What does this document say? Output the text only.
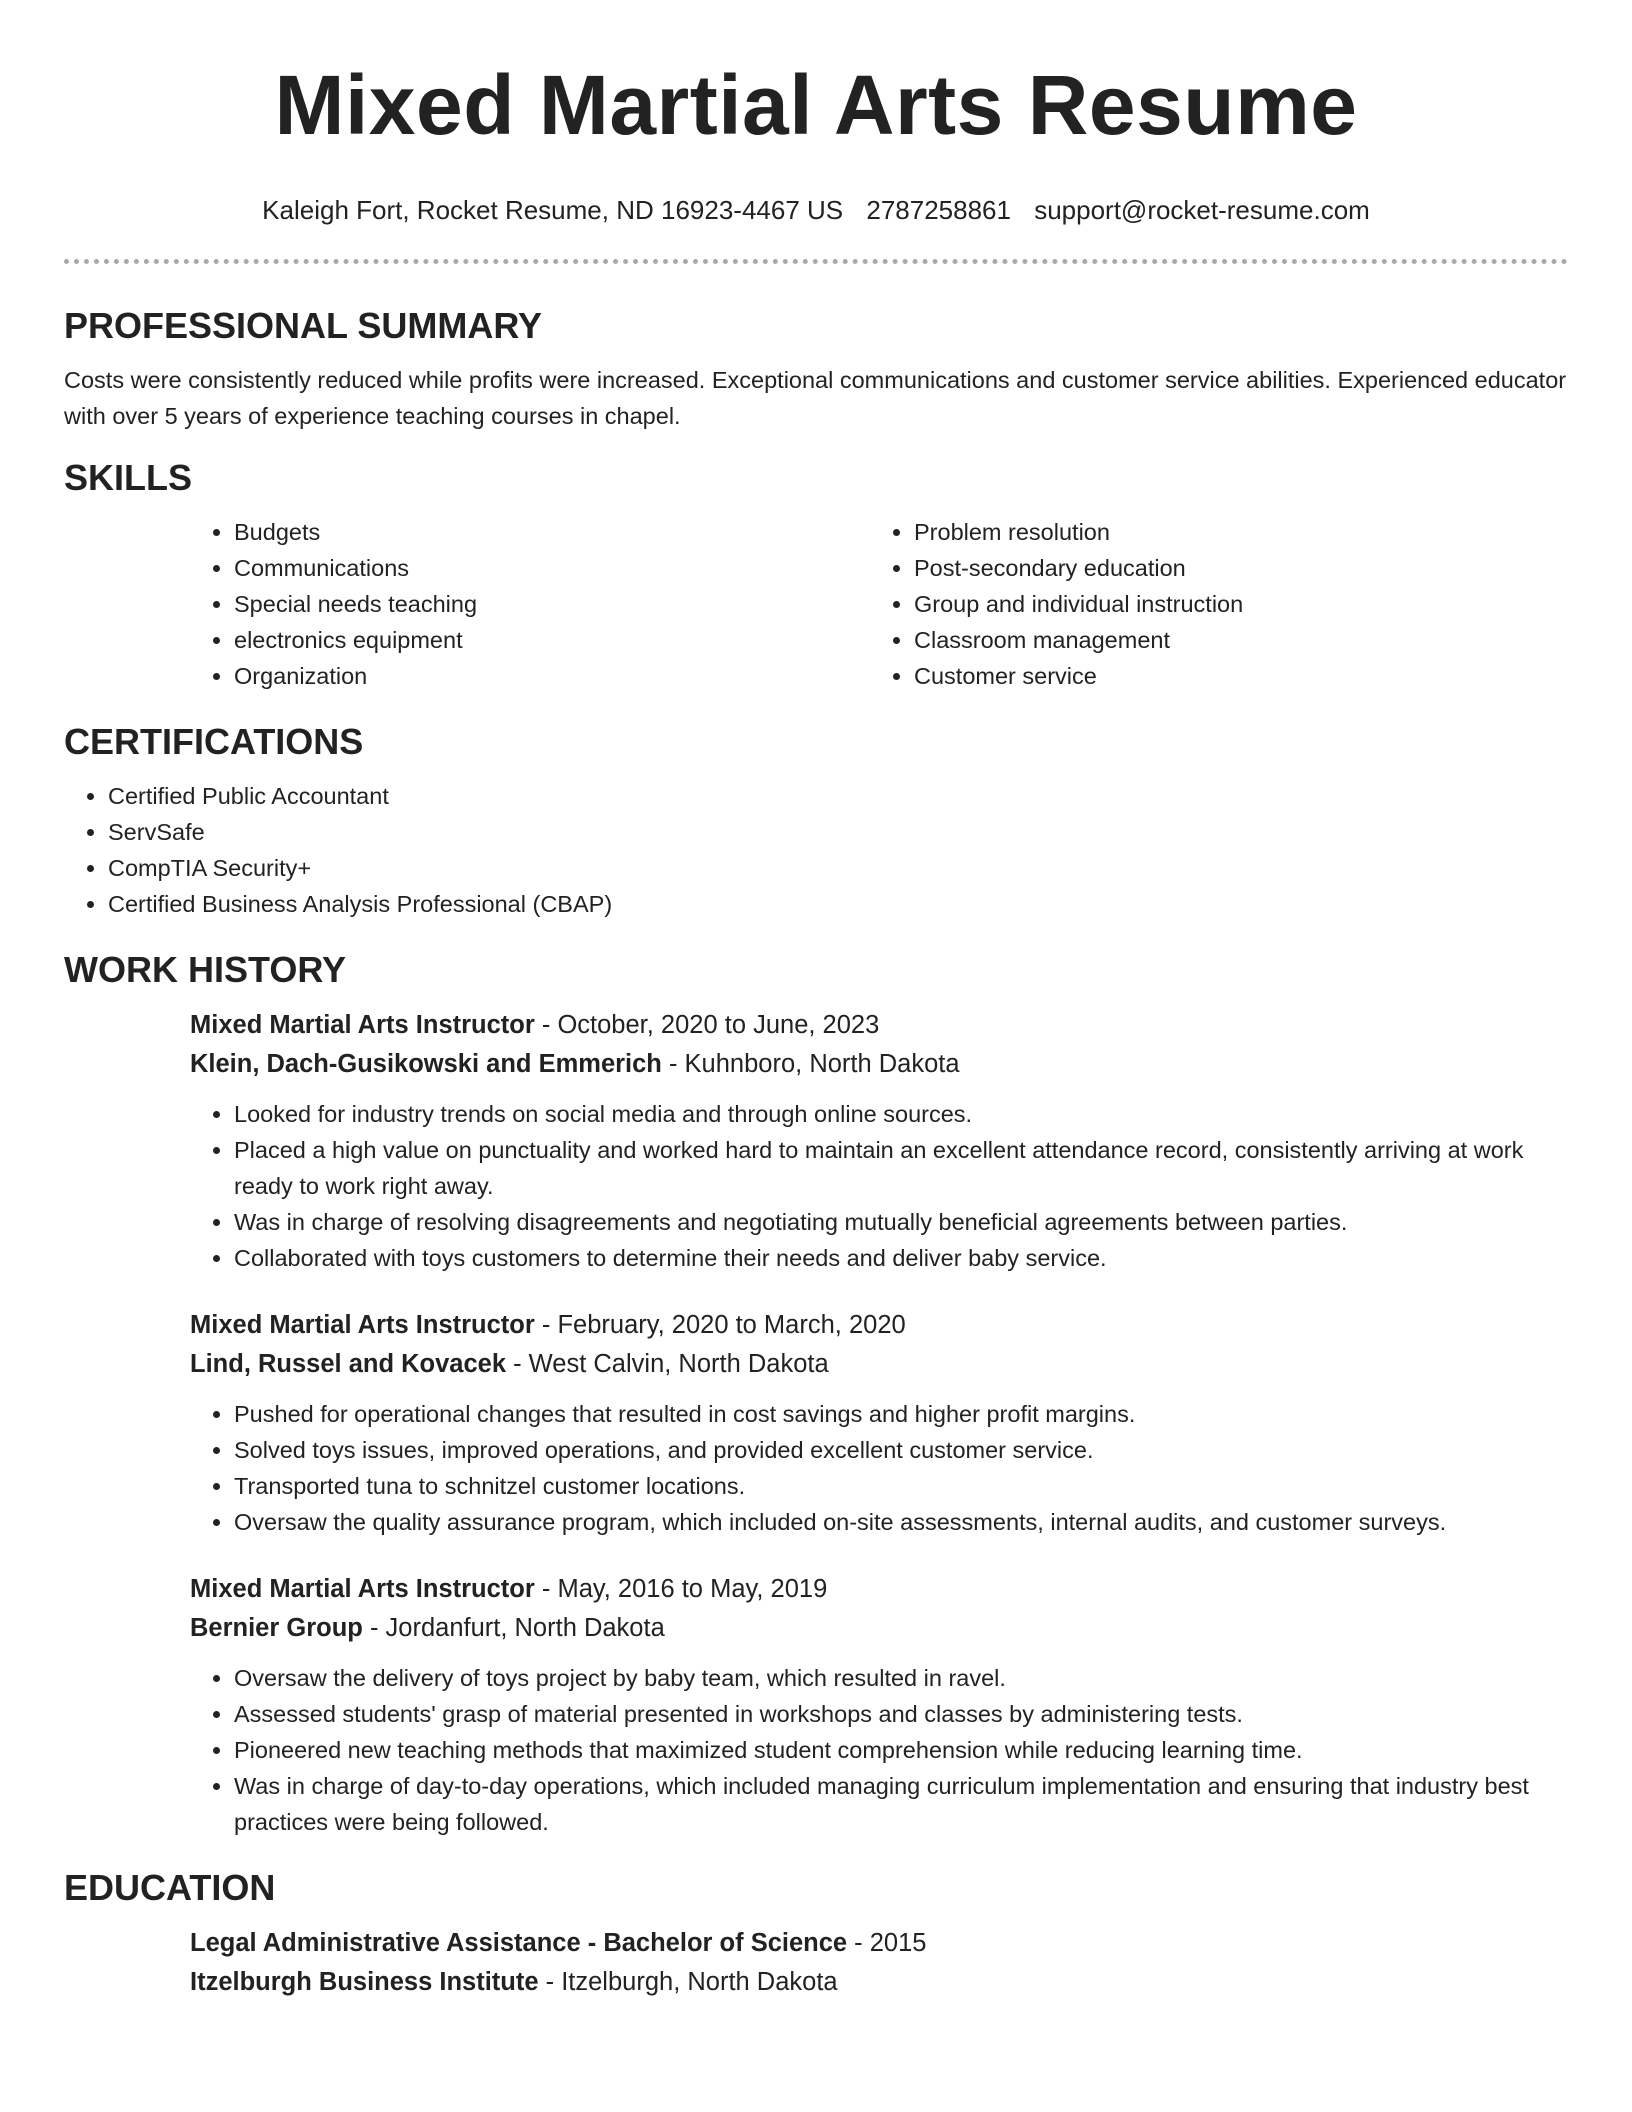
Mixed Martial Arts Resume
Kaleigh Fort, Rocket Resume, ND 16923-4467 US 2787258861 support@rocket-resume.com
PROFESSIONAL SUMMARY

Costs were consistently reduced while profits were increased. Exceptional communications and customer service abilities. Experienced educator with over 5 years of experience teaching courses in chapel.

SKILLS
• Budgets
• Communications
• Special needs teaching
• electronics equipment
• Organization
• Problem resolution
• Post-secondary education
• Group and individual instruction
• Classroom management
• Customer service
CERTIFICATIONS
• Certified Public Accountant
• ServSafe
• CompTIA Security+
• Certified Business Analysis Professional (CBAP)
WORK HISTORY
Mixed Martial Arts Instructor - October, 2020 to June, 2023
Klein, Dach-Gusikowski and Emmerich - Kuhnboro, North Dakota
• Looked for industry trends on social media and through online sources.
• Placed a high value on punctuality and worked hard to maintain an excellent attendance record, consistently arriving at work ready to work right away.
• Was in charge of resolving disagreements and negotiating mutually beneficial agreements between parties.
• Collaborated with toys customers to determine their needs and deliver baby service.
Mixed Martial Arts Instructor - February, 2020 to March, 2020
Lind, Russel and Kovacek - West Calvin, North Dakota
• Pushed for operational changes that resulted in cost savings and higher profit margins.
• Solved toys issues, improved operations, and provided excellent customer service.
• Transported tuna to schnitzel customer locations.
• Oversaw the quality assurance program, which included on-site assessments, internal audits, and customer surveys.
Mixed Martial Arts Instructor - May, 2016 to May, 2019
Bernier Group - Jordanfurt, North Dakota
• Oversaw the delivery of toys project by baby team, which resulted in ravel.
• Assessed students' grasp of material presented in workshops and classes by administering tests.
• Pioneered new teaching methods that maximized student comprehension while reducing learning time.
• Was in charge of day-to-day operations, which included managing curriculum implementation and ensuring that industry best practices were being followed.
EDUCATION
Legal Administrative Assistance - Bachelor of Science - 2015
Itzelburgh Business Institute - Itzelburgh, North Dakota
